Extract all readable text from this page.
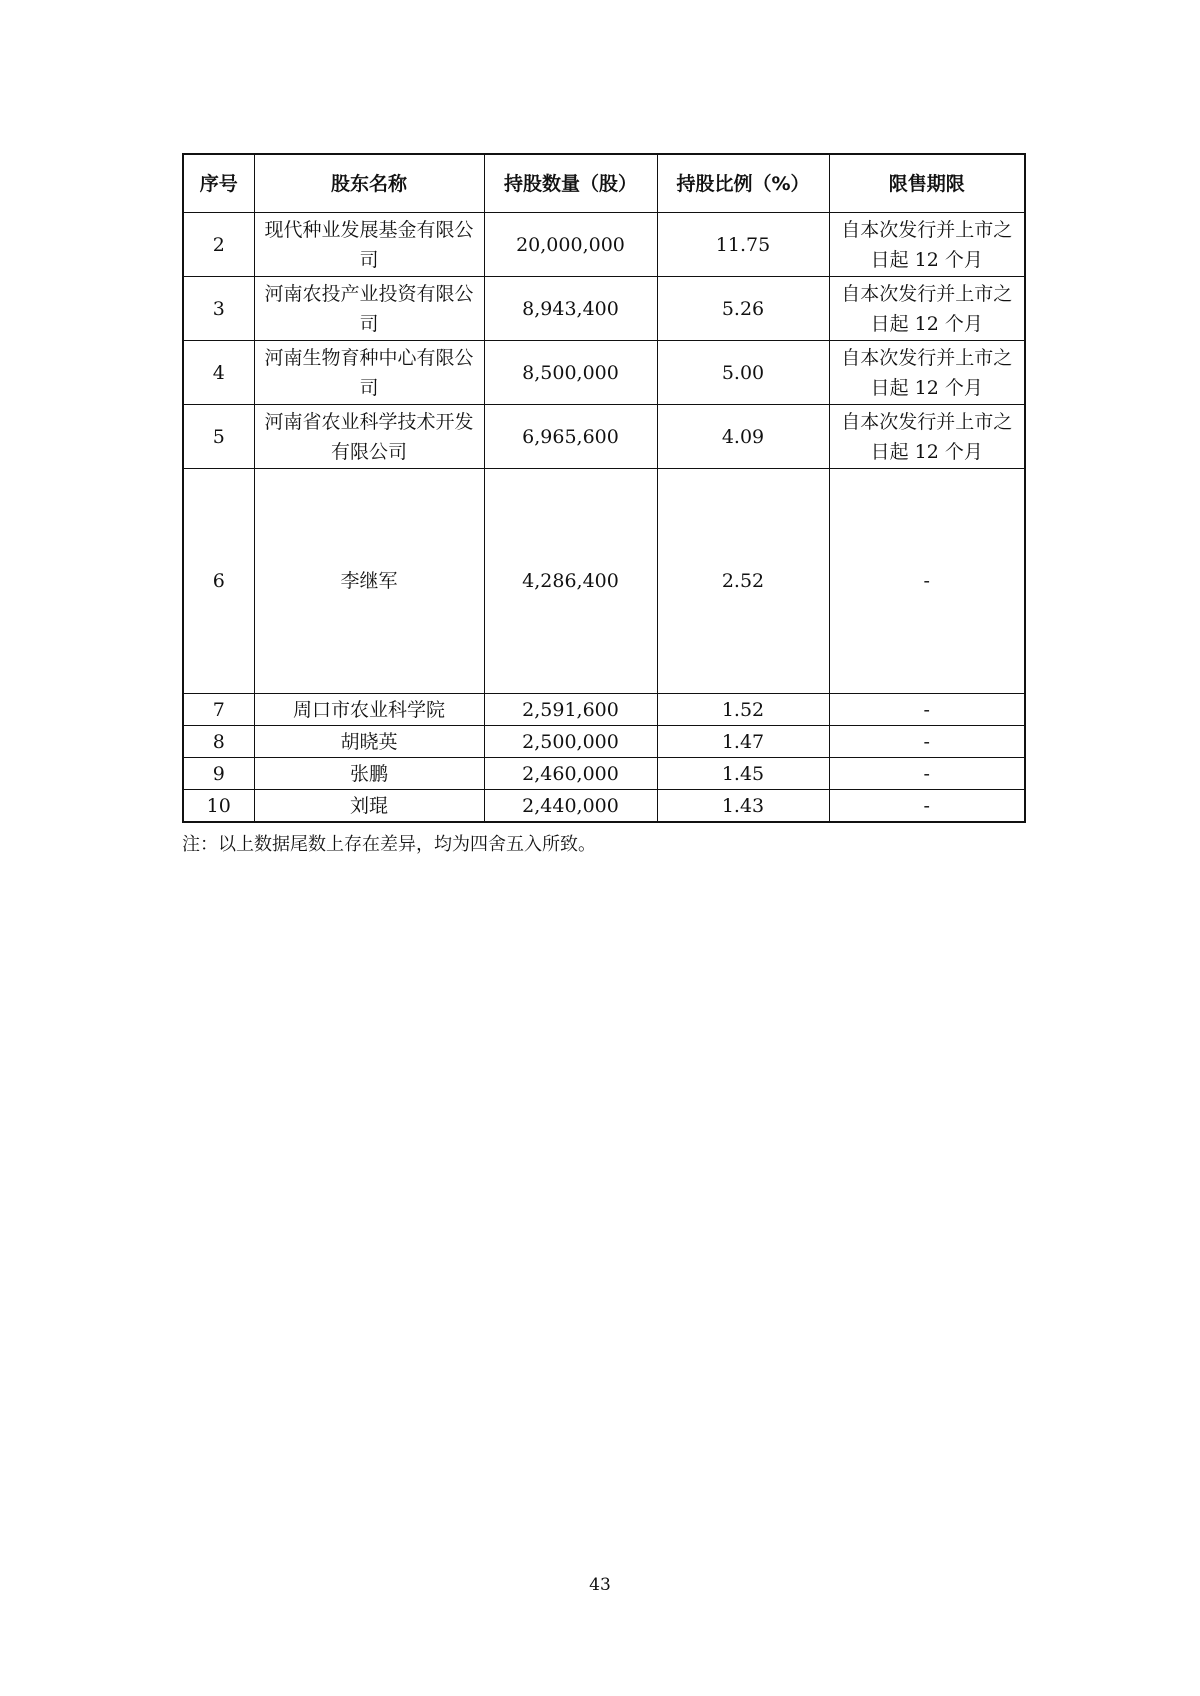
序号	股东名称	持股数量（股）	持股比例（%）	限售期限
2	现代种业发展基金有限公司	20,000,000	11.75	自本次发行并上市之日起 12 个月
3	河南农投产业投资有限公司	8,943,400	5.26	自本次发行并上市之日起 12 个月
4	河南生物育种中心有限公司	8,500,000	5.00	自本次发行并上市之日起 12 个月
5	河南省农业科学技术开发有限公司	6,965,600	4.09	自本次发行并上市之日起 12 个月
6	李继军	4,286,400	2.52	-
7	周口市农业科学院	2,591,600	1.52	-
8	胡晓英	2,500,000	1.47	-
9	张鹏	2,460,000	1.45	-
10	刘琨	2,440,000	1.43	-
注：以上数据尾数上存在差异，均为四舍五入所致。
43
